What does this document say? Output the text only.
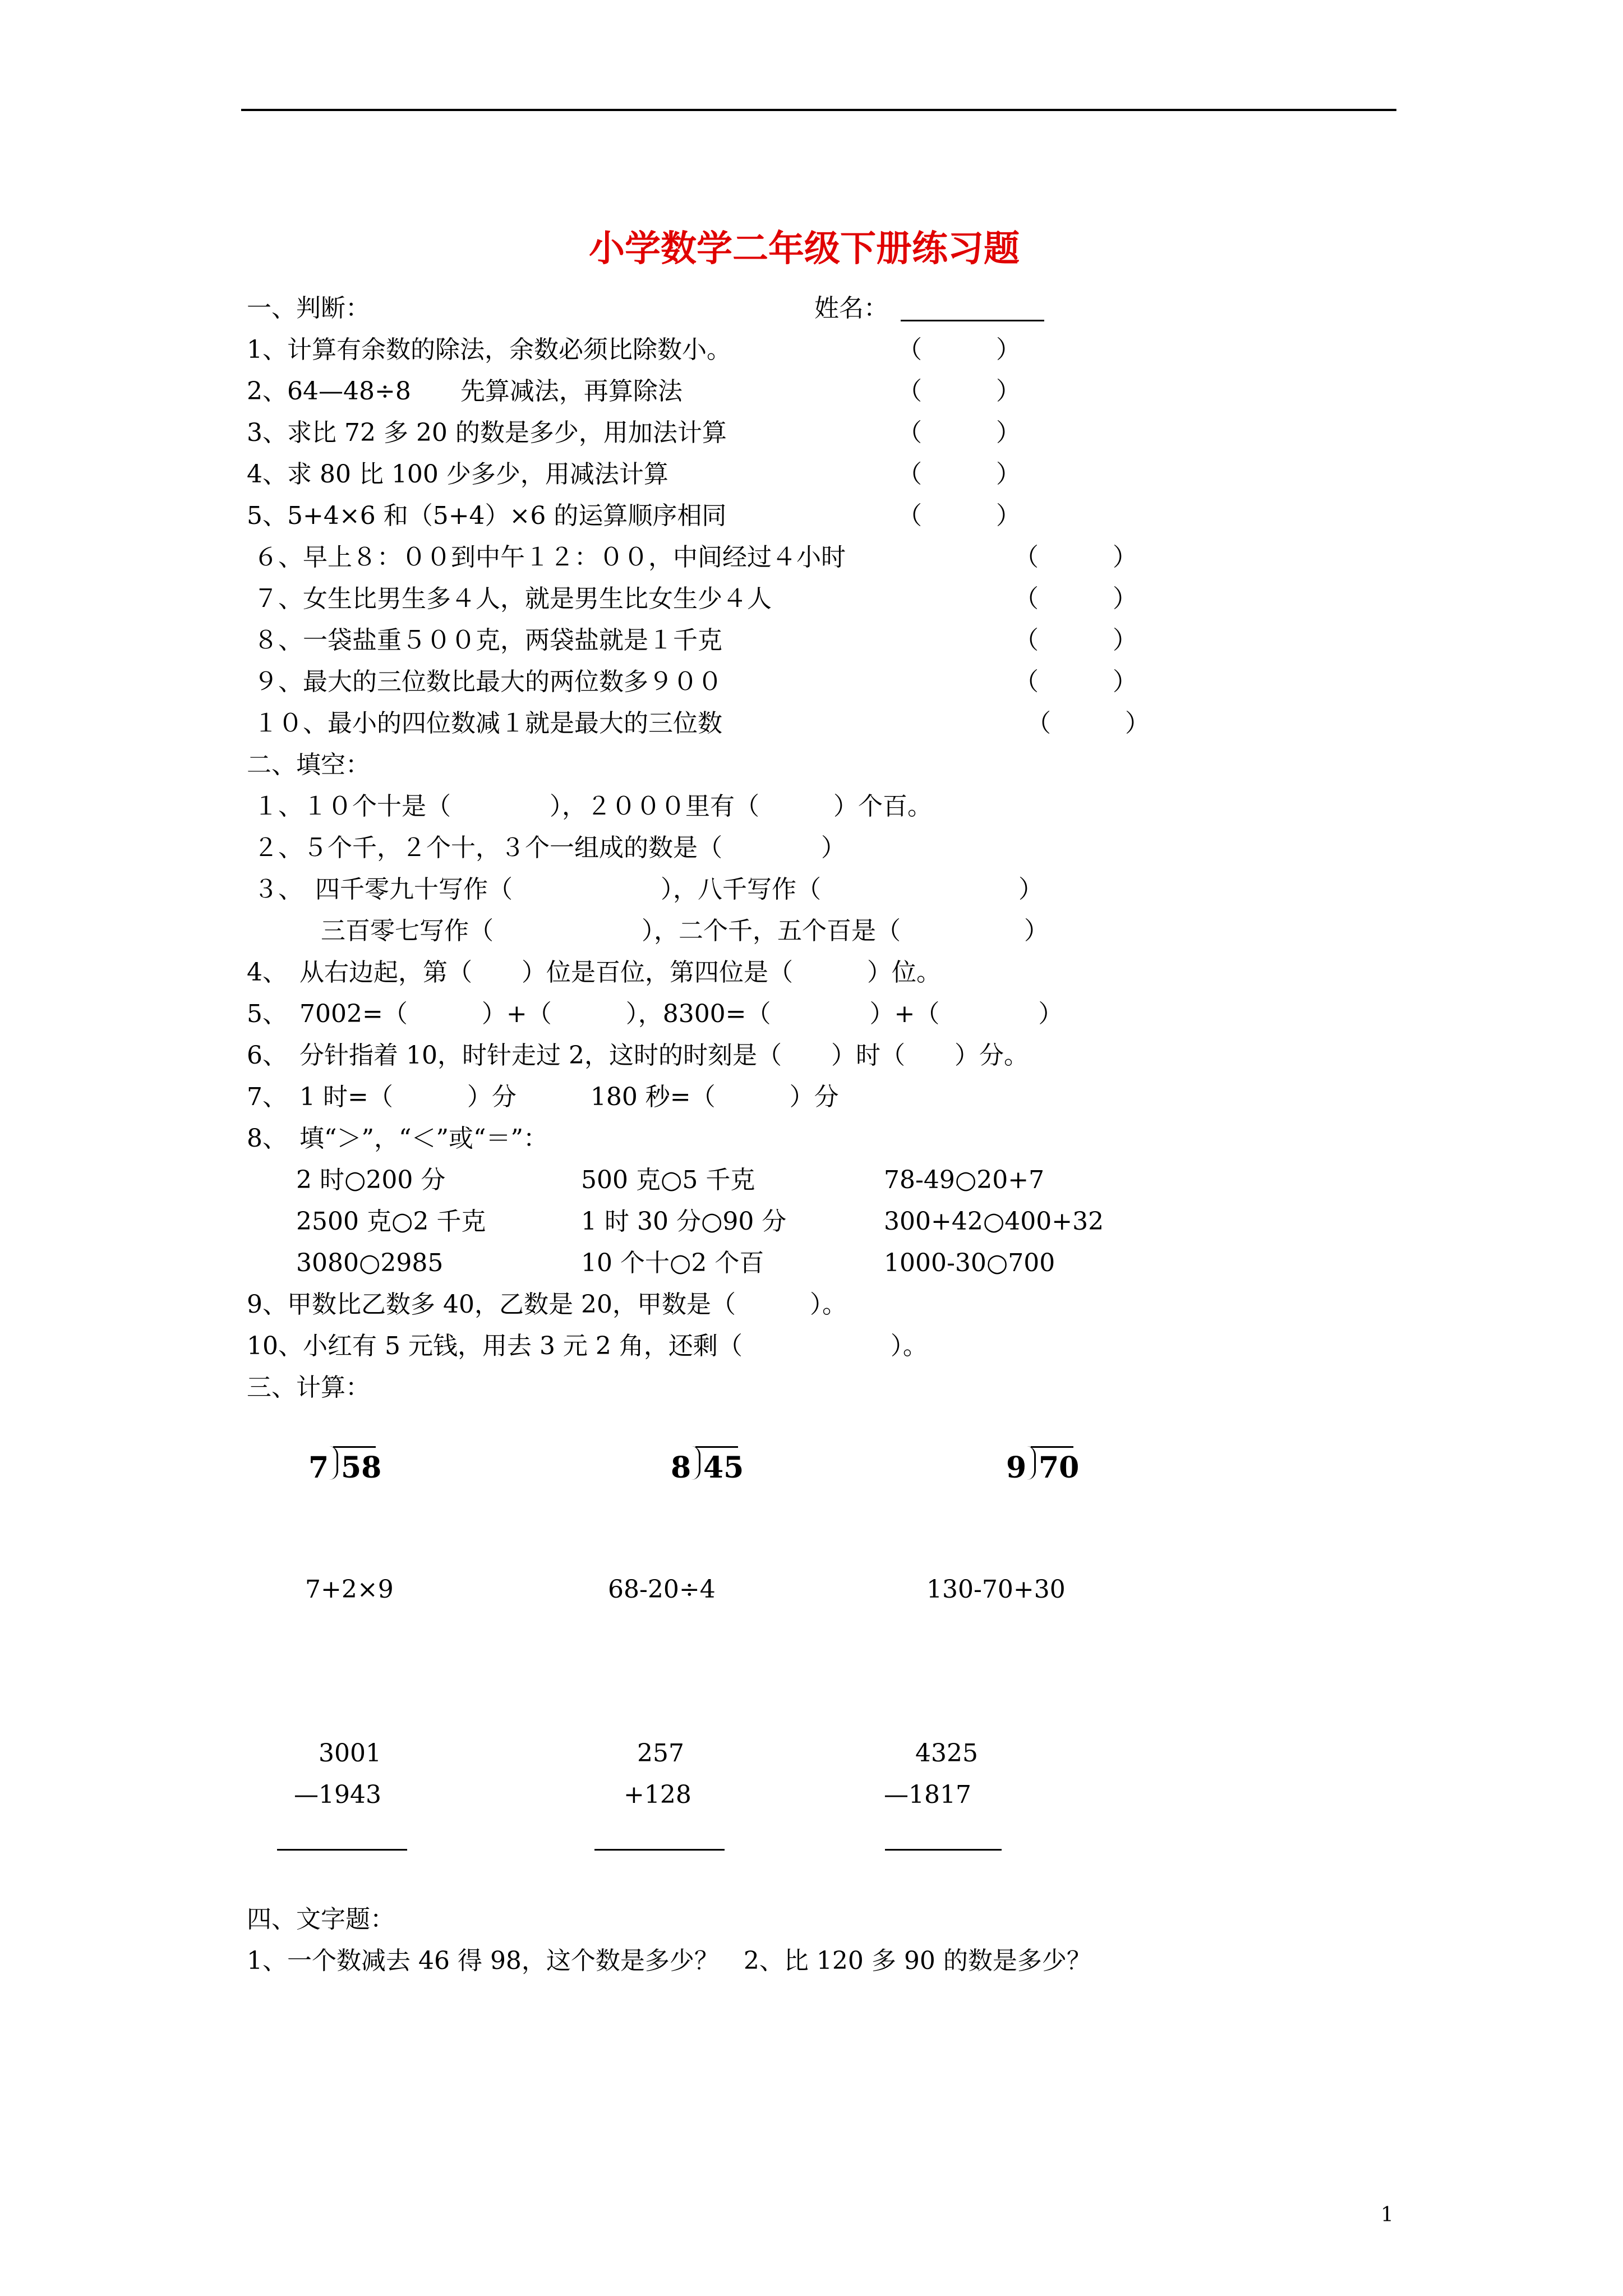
小学数学二年级下册练习题
一、判断：	姓名：
1、计算有余数的除法，余数必须比除数小。	（　　　）
2、64—48÷8　　先算减法，再算除法	（　　　）
3、求比 72 多 20 的数是多少，用加法计算	（　　　）
4、求 80 比 100 少多少，用减法计算	（　　　）
5、5+4×6 和（5+4）×6 的运算顺序相同	（　　　）
６、早上８：００到中午１２：００，中间经过４小时	（　　　）
７、女生比男生多４人，就是男生比女生少４人	（　　　）
８、一袋盐重５００克，两袋盐就是１千克	（　　　）
９、最大的三位数比最大的两位数多９００	（　　　）
１０、最小的四位数减１就是最大的三位数	（　　　）
二、填空：
１、１０个十是（　　　　），２０００里有（　　　）个百。
２、５个千，２个十，３个一组成的数是（　　　　）
３、　四千零九十写作（　　　　　　），八千写作（　　　　　　　　）
　　三百零七写作（　　　　　　），二个千，五个百是（　　　　　）
4、　从右边起，第（　　）位是百位，第四位是（　　　）位。
5、　7002=（　　　）+（　　　），8300=（　　　　）+（　　　　）
6、　分针指着 10，时针走过 2，这时的时刻是（　　）时（　　）分。
7、　1 时=（　　　）分　　　180 秒=（　　　）分
8、　填“＞”，“＜”或“＝”：
2 时○200 分	500 克○5 千克	78-49○20+7
2500 克○2 千克	1 时 30 分○90 分	300+42○400+32
3080○2985	10 个十○2 个百	1000-30○700
9、甲数比乙数多 40，乙数是 20，甲数是（　　　）。
10、小红有 5 元钱，用去 3 元 2 角，还剩（　　　　　　）。
三、计算：
7 58	8 45	9 70
7+2×9	68-20÷4	130-70+30
3001
—1943
257
+128
4325
—1817
四、文字题：
1、一个数减去 46 得 98，这个数是多少？　2、比 120 多 90 的数是多少？
1
